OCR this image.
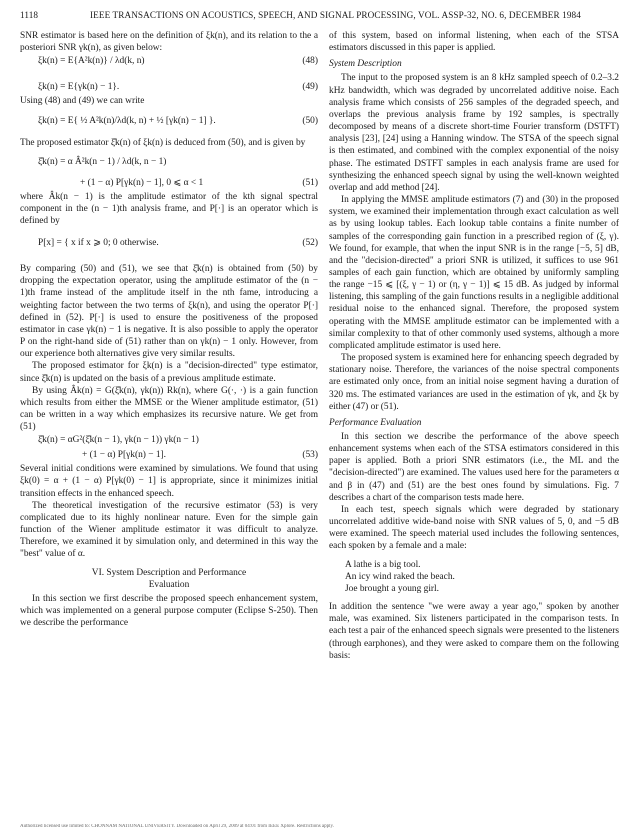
1118	IEEE TRANSACTIONS ON ACOUSTICS, SPEECH, AND SIGNAL PROCESSING, VOL. ASSP-32, NO. 6, DECEMBER 1984

SNR estimator is based here on the definition of ξk(n), and its relation to the a posteriori SNR γk(n), as given below:

ξk(n) = E{A²k(n)} / λd(k, n)	(48)
ξk(n) = E{γk(n) − 1}.	(49)

Using (48) and (49) we can write

ξk(n) = E{ ½ A²k(n)/λd(k, n) + ½ [γk(n) − 1] }.	(50)

The proposed estimator ξ̂k(n) of ξk(n) is deduced from (50), and is given by

ξ̂k(n) = α Â²k(n − 1) / λd(k, n − 1)
+ (1 − α) P[γk(n) − 1], 0 ⩽ α < 1	(51)

where Âk(n − 1) is the amplitude estimator of the kth signal spectral component in the (n − 1)th analysis frame, and P[·] is an operator which is defined by

P[x] = { x if x ⩾ 0; 0 otherwise.	(52)

By comparing (50) and (51), we see that ξ̂k(n) is obtained from (50) by dropping the expectation operator, using the amplitude estimator of the (n − 1)th frame instead of the amplitude itself in the nth fame, introducing a weighting factor between the two terms of ξk(n), and using the operator P[·] defined in (52). P[·] is used to ensure the positiveness of the proposed estimator in case γk(n) − 1 is negative. It is also possible to apply the operator P on the right-hand side of (51) rather than on γk(n) − 1 only. However, from our experience both alternatives give very similar results.

The proposed estimator for ξk(n) is a "decision-directed" type estimator, since ξ̂k(n) is updated on the basis of a previous amplitude estimate.

By using Âk(n) = G(ξ̂k(n), γk(n)) Rk(n), where G(·, ·) is a gain function which results from either the MMSE or the Wiener amplitude estimator, (51) can be written in a way which emphasizes its recursive nature. We get from (51)

ξ̂k(n) = αG²(ξ̂k(n − 1), γk(n − 1)) γk(n − 1)
+ (1 − α) P[γk(n) − 1].	(53)

Several initial conditions were examined by simulations. We found that using ξk(0) = α + (1 − α) P[γk(0) − 1] is appropriate, since it minimizes initial transition effects in the enhanced speech.

The theoretical investigation of the recursive estimator (53) is very complicated due to its highly nonlinear nature. Even for the simple gain function of the Wiener amplitude estimator it was difficult to analyze. Therefore, we examined it by simulation only, and determined in this way the "best" value of α.

VI. System Description and Performance
Evaluation

In this section we first describe the proposed speech enhancement system, which was implemented on a general purpose computer (Eclipse S-250). Then we describe the performance

of this system, based on informal listening, when each of the STSA estimators discussed in this paper is applied.

System Description

The input to the proposed system is an 8 kHz sampled speech of 0.2–3.2 kHz bandwidth, which was degraded by uncorrelated additive noise. Each analysis frame which consists of 256 samples of the degraded speech, and overlaps the previous analysis frame by 192 samples, is spectrally decomposed by means of a discrete short-time Fourier transform (DSTFT) analysis [23], [24] using a Hanning window. The STSA of the speech signal is then estimated, and combined with the complex exponential of the noisy phase. The estimated DSTFT samples in each analysis frame are used for synthesizing the enhanced speech signal by using the well-known weighted overlap and add method [24].

In applying the MMSE amplitude estimators (7) and (30) in the proposed system, we examined their implementation through exact calculation as well as by using lookup tables. Each lookup table contains a finite number of samples of the corresponding gain function in a prescribed region of (ξ, γ). We found, for example, that when the input SNR is in the range [−5, 5] dB, and the "decision-directed" a priori SNR is utilized, it suffices to use 961 samples of each gain function, which are obtained by uniformly sampling the range −15 ⩽ [(ξ, γ − 1) or (η, γ − 1)] ⩽ 15 dB. As judged by informal listening, this sampling of the gain functions results in a negligible additional residual noise to the enhanced signal. Therefore, the proposed system operating with the MMSE amplitude estimator can be implemented with a similar complexity to that of other commonly used systems, although a more complicated amplitude estimator is used here.

The proposed system is examined here for enhancing speech degraded by stationary noise. Therefore, the variances of the noise spectral components are estimated only once, from an initial noise segment having a duration of 320 ms. The estimated variances are used in the estimation of γk, and ξk by either (47) or (51).

Performance Evaluation

In this section we describe the performance of the above speech enhancement systems when each of the STSA estimators considered in this paper is applied. Both a priori SNR estimators (i.e., the ML and the "decision-directed") are examined. The values used here for the parameters α and β in (47) and (51) are the best ones found by simulations. Fig. 7 describes a chart of the comparison tests made here.

In each test, speech signals which were degraded by stationary uncorrelated additive wide-band noise with SNR values of 5, 0, and −5 dB were examined. The speech material used includes the following sentences, each spoken by a female and a male:

A lathe is a big tool.
An icy wind raked the beach.
Joe brought a young girl.

In addition the sentence "we were away a year ago," spoken by another male, was examined. Six listeners participated in the comparison tests. In each test a pair of the enhanced speech signals were presented to the listeners (through earphones), and they were asked to compare them on the following basis:

Authorized licensed use limited to: CHONNAM NATIONAL UNIVERSITY. Downloaded on April 29, 2009 at 04:01 from IEEE Xplore. Restrictions apply.
